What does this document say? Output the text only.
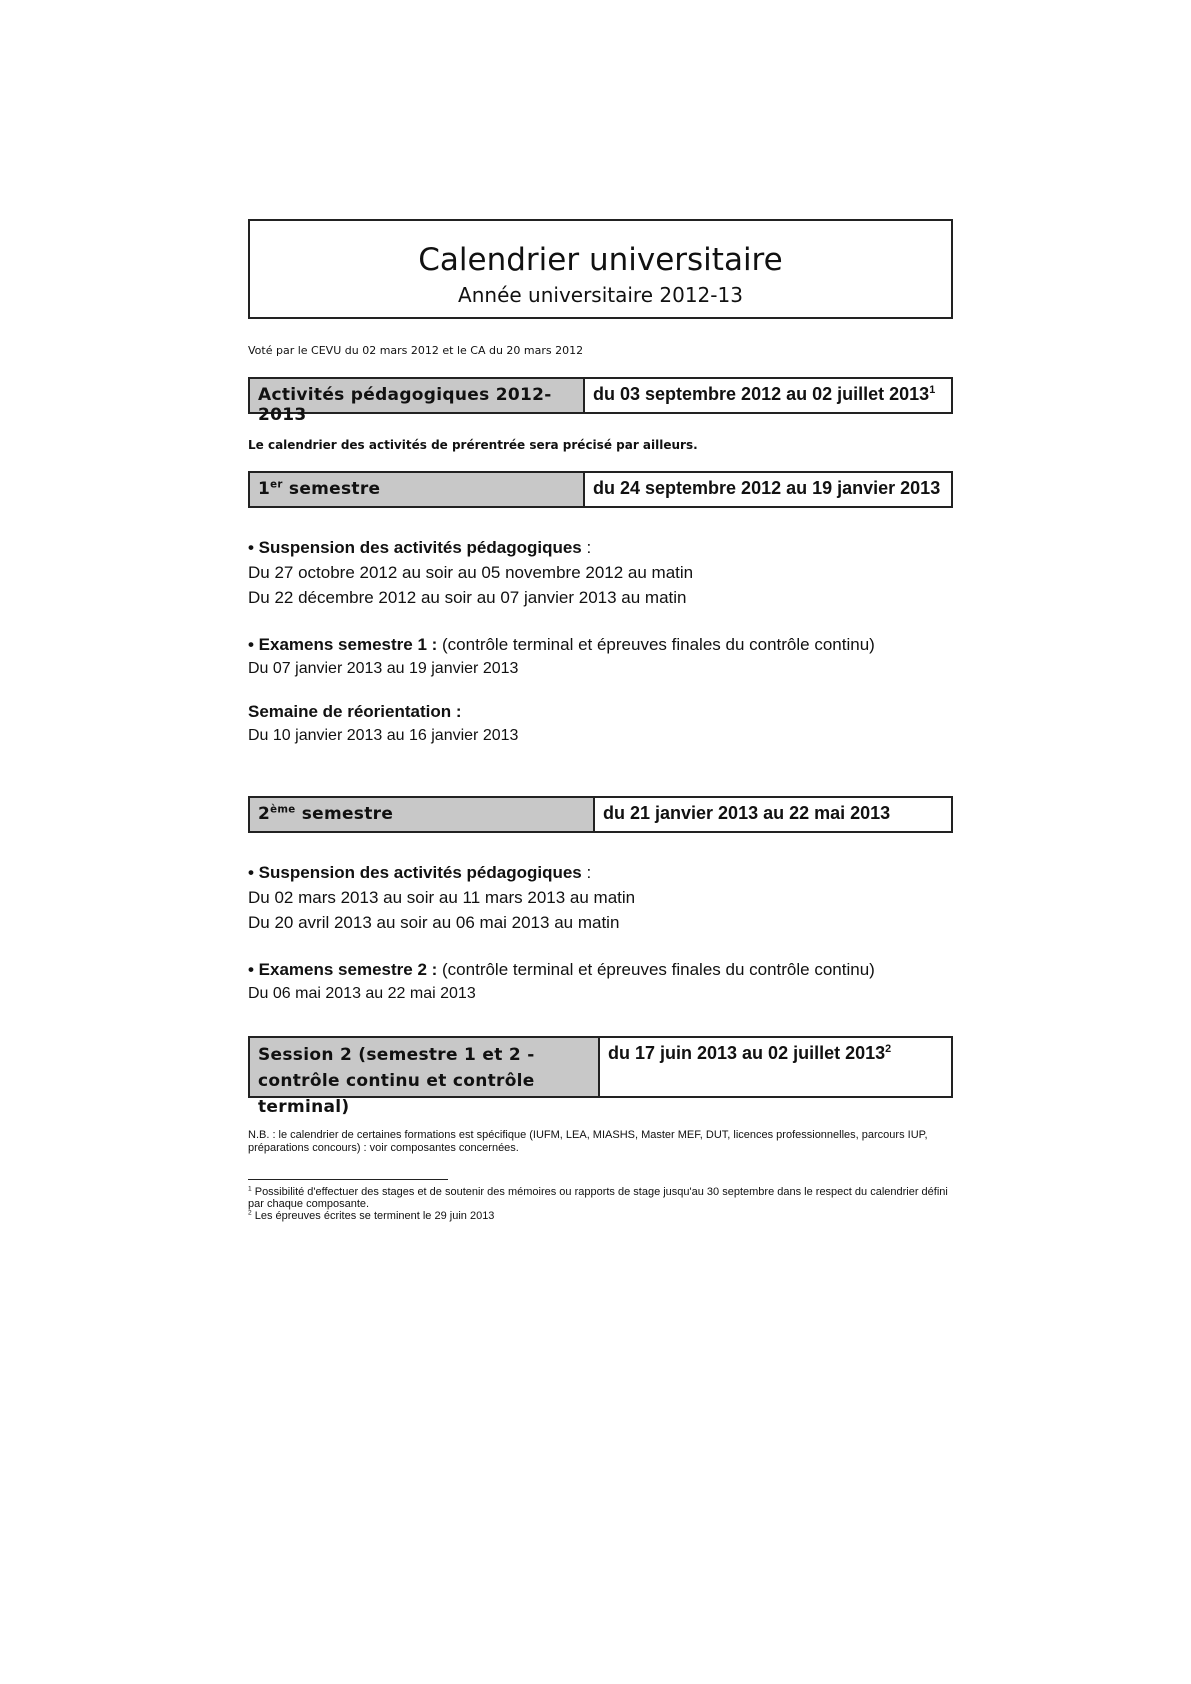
Calendrier universitaire
Année universitaire 2012-13
Voté par le CEVU du 02 mars 2012 et le CA du 20 mars 2012
Activités pédagogiques 2012-2013
du 03 septembre 2012 au 02 juillet 2013$^1$
Le calendrier des activités de prérentrée sera précisé par ailleurs.
1er semestre	du 24 septembre 2012 au 19 janvier 2013
• Suspension des activités pédagogiques :
Du 27 octobre 2012 au soir au 05 novembre 2012 au matin
Du 22 décembre 2012 au soir au 07 janvier 2013 au matin
• Examens semestre 1 : (contrôle terminal et épreuves finales du contrôle continu)
Du 07 janvier 2013 au 19 janvier 2013
Semaine de réorientation :
Du 10 janvier 2013 au 16 janvier 2013
2ème semestre	du 21 janvier 2013 au 22 mai 2013
• Suspension des activités pédagogiques :
Du 02 mars 2013 au soir au 11 mars 2013 au matin
Du 20 avril 2013 au soir au 06 mai 2013 au matin
• Examens semestre 2 : (contrôle terminal et épreuves finales du contrôle continu)
Du 06 mai 2013 au 22 mai 2013
Session 2 (semestre 1 et 2 -
contrôle continu et contrôle terminal)
du 17 juin 2013 au 02 juillet 2013$^2$
N.B. : le calendrier de certaines formations est spécifique (IUFM, LEA, MIASHS, Master MEF, DUT, licences professionnelles, parcours IUP, préparations concours) : voir composantes concernées.
$^1$ Possibilité d'effectuer des stages et de soutenir des mémoires ou rapports de stage jusqu'au 30 septembre dans le respect du calendrier défini par chaque composante.
$^2$ Les épreuves écrites se terminent le 29 juin 2013
